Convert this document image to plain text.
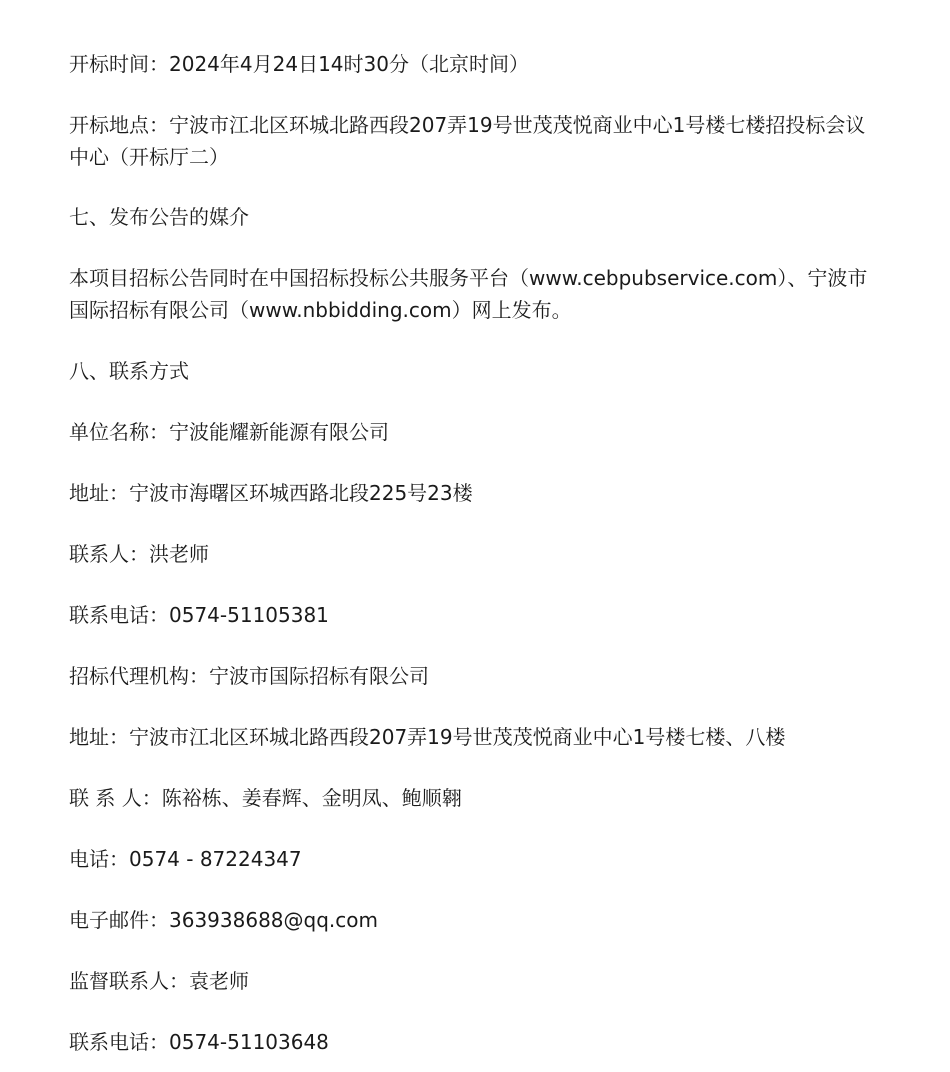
开标时间：2024年4月24日14时30分（北京时间）

开标地点：宁波市江北区环城北路西段207弄19号世茂茂悦商业中心1号楼七楼招投标会议中心（开标厅二）

七、发布公告的媒介

本项目招标公告同时在中国招标投标公共服务平台（www.cebpubservice.com）、宁波市国际招标有限公司（www.nbbidding.com）网上发布。

八、联系方式

单位名称：宁波能耀新能源有限公司

地址：宁波市海曙区环城西路北段225号23楼

联系人：洪老师

联系电话：0574-51105381

招标代理机构：宁波市国际招标有限公司

地址：宁波市江北区环城北路西段207弄19号世茂茂悦商业中心1号楼七楼、八楼

联 系 人：陈裕栋、姜春辉、金明凤、鲍顺翱

电话：0574 - 87224347

电子邮件：363938688@qq.com

监督联系人：袁老师

联系电话：0574-51103648
